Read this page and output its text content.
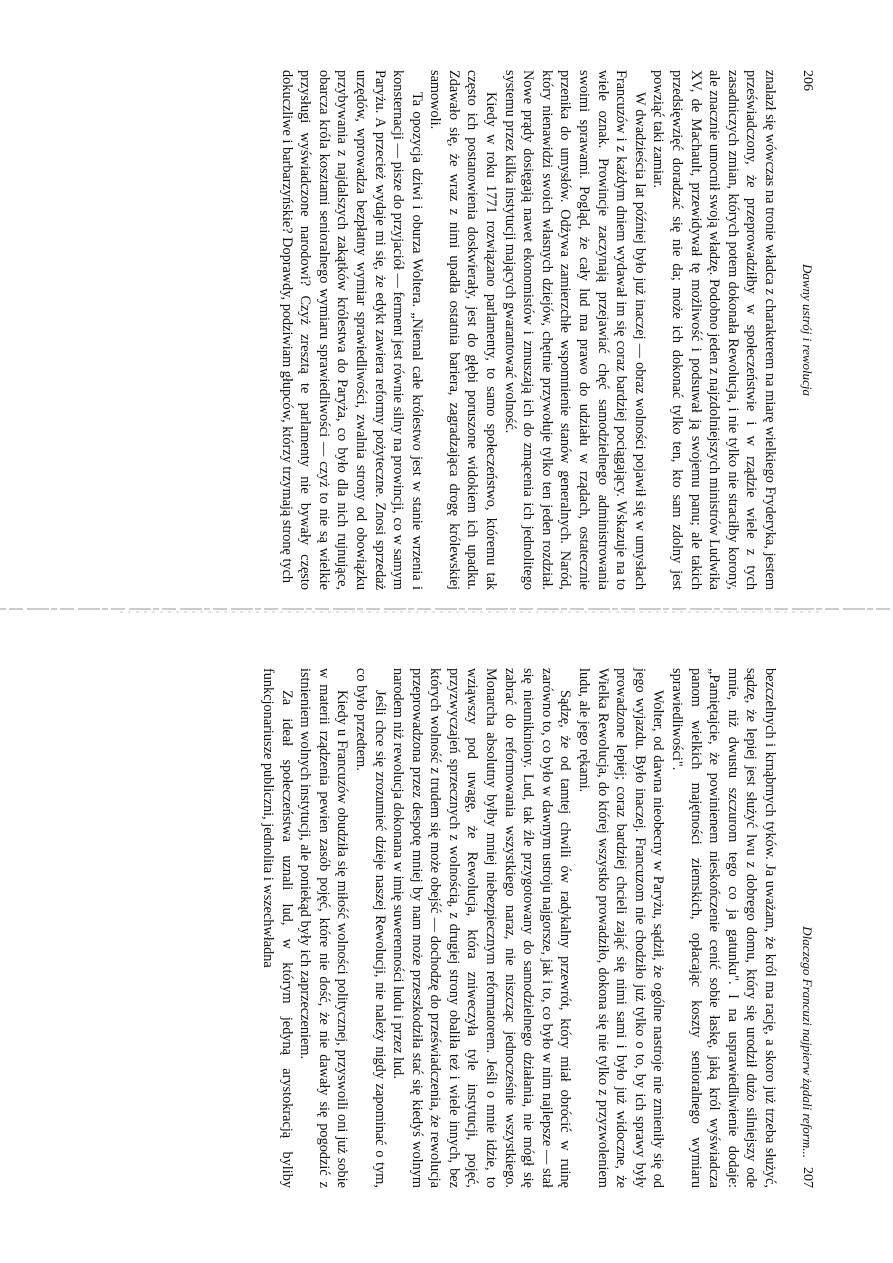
206
Dawny ustrój i rewolucja

znalazł się wówczas na tronie władca z charakterem na miarę wielkiego Fryderyka, jestem przeświadczony, że przeprowadziłby w społeczeństwie i w rządzie wiele z tych zasadniczych zmian, których potem dokonała Rewolucja, i nie tylko nie straciłby korony, ale znacznie umocnił swoją władzę. Podobno jeden z najzdolniejszych ministrów Ludwika XV, de Machault, przewidywał tę możliwość i podsuwał ją swojemu panu; ale takich przedsięwzięć doradzać się nie da; może ich dokonać tylko ten, kto sam zdolny jest powziąć taki zamiar.

W dwadzieścia lat później było już inaczej — obraz wolności pojawił się w umysłach Francuzów i z każdym dniem wydawał im się coraz bardziej pociągający. Wskazuje na to wiele oznak. Prowincje zaczynają przejawiać chęć samodzielnego administrowania swoimi sprawami. Pogląd, że cały lud ma prawo do udziału w rządach, ostatecznie przenika do umysłów. Odżywa zamierzchłe wspomnienie stanów generalnych. Naród, który nienawidzi swoich własnych dziejów, chętnie przywołuje tylko ten jeden rozdział. Nowe prądy dosięgają nawet ekonomistów i zmuszają ich do zmącenia ich jednolitego systemu przez kilka instytucji mających gwarantować wolność.

Kiedy w roku 1771 rozwiązano parlamenty, to samo społeczeństwo, któremu tak często ich postanowienia doskwierały, jest do głębi poruszone widokiem ich upadku. Zdawało się, że wraz z nimi upadła ostatnia bariera, zagradzająca drogę królewskiej samowoli.

Ta opozycja dziwi i oburza Woltera. „Niemal całe królestwo jest w stanie wrzenia i konsternacji — pisze do przyjaciół — ferment jest równie silny na prowincji, co w samym Paryżu. A przecież wydaje mi się, że edykt zawiera reformy pożyteczne. Znosi sprzedaż urzędów, wprowadza bezpłatny wymiar sprawiedliwości, zwalnia strony od obowiązku przybywania z najdalszych zakątków królestwa do Paryża, co było dla nich rujnujące, obarcza króla kosztami senioralnego wymiaru sprawiedliwości — czyż to nie są wielkie przysługi wyświadczone narodowi? Czyż zresztą te parlamenty nie bywały często dokuczliwe i barbarzyńskie? Doprawdy, podziwiam głupców, którzy trzymają stronę tych

Dlaczego Francuzi najpierw żądali reform...
207

bezczelnych i krnąbrnych tyków. Ja uważam, że król ma rację, a skoro już trzeba służyć, sądzę, że lepiej jest służyć lwu z dobrego domu, który się urodził dużo silniejszy ode mnie, niż dwustu szczurom tego co ja gatunku". I na usprawiedliwienie dodaje: „Pamiętajcie, że powinienem nieskończenie cenić sobie łaskę, jaką król wyświadcza panom wielkich majętności ziemskich, opłacając koszty senioralnego wymiaru sprawiedliwości".

Wolter, od dawna nieobecny w Paryżu, sądził, że ogólne nastroje nie zmieniły się od jego wyjazdu. Było inaczej. Francuzom nie chodziło już tylko o to, by ich sprawy były prowadzone lepiej; coraz bardziej chcieli zająć się nimi sami i było już widoczne, że Wielka Rewolucja, do której wszystko prowadziło, dokona się nie tylko z przyzwoleniem ludu, ale jego rękami.

Sądzę, że od tamtej chwili ów radykalny przewrót, który miał obrócić w ruinę zarówno to, co było w dawnym ustroju najgorsze, jak i to, co było w nim najlepsze — stał się nieunikniony. Lud, tak źle przygotowany do samodzielnego działania, nie mógł się zabrać do reformowania wszystkiego naraz, nie niszcząc jednocześnie wszystkiego. Monarcha absolutny byłby mniej niebezpiecznym reformatorem. Jeśli o mnie idzie, to wziąwszy pod uwagę, że Rewolucja, która zniweczyła tyle instytucji, pojęć, przyzwyczajeń sprzecznych z wolnością, z drugiej strony obaliła też i wiele innych, bez których wolność z trudem się może obejść — dochodzę do przeświadczenia, że rewolucja przeprowadzona przez despotę mniej by nam może przeszkodziła stać się kiedyś wolnym narodem niż rewolucja dokonana w imię suwerenności ludu i przez lud.

Jeśli chce się zrozumieć dzieje naszej Rewolucji, nie należy nigdy zapominać o tym, co było przedtem.

Kiedy u Francuzów obudziła się miłość wolności politycznej, przyswoili oni już sobie w materii rządzenia pewien zasób pojęć, które nie dość, że nie dawały się pogodzić z istnieniem wolnych instytucji, ale poniekąd były ich zaprzeczeniem.

Za ideał społeczeństwa uznali lud, w którym jedyną arystokracją byliby funkcjonariusze publiczni, jednolita i wszechwładna
